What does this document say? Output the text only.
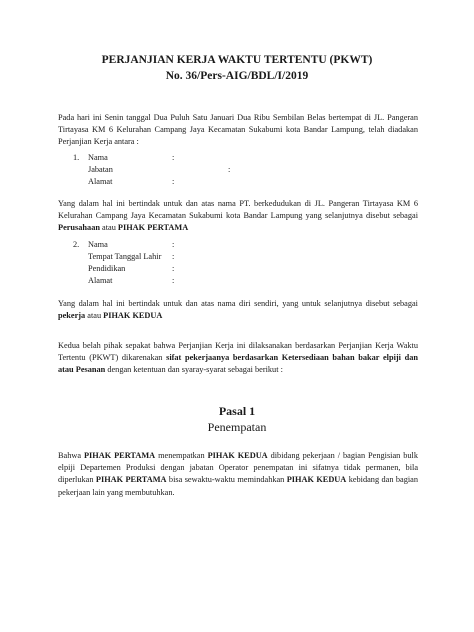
PERJANJIAN KERJA WAKTU TERTENTU (PKWT)
No. 36/Pers-AIG/BDL/I/2019
Pada hari ini Senin tanggal Dua Puluh Satu Januari Dua Ribu Sembilan Belas bertempat di JL. Pangeran Tirtayasa KM 6 Kelurahan Campang Jaya Kecamatan Sukabumi kota Bandar Lampung, telah diadakan Perjanjian Kerja antara :
1. Nama	:
Jabatan	:
Alamat	:
Yang dalam hal ini bertindak untuk dan atas nama PT. berkedudukan di JL. Pangeran Tirtayasa KM 6 Kelurahan Campang Jaya Kecamatan Sukabumi kota Bandar Lampung yang selanjutnya disebut sebagai Perusahaan atau PIHAK PERTAMA
2. Nama	:
Tempat Tanggal Lahir :
Pendidikan	:
Alamat	:
Yang dalam hal ini bertindak untuk dan atas nama diri sendiri, yang untuk selanjutnya disebut sebagai pekerja atau PIHAK KEDUA
Kedua belah pihak sepakat bahwa Perjanjian Kerja ini dilaksanakan berdasarkan Perjanjian Kerja Waktu Tertentu (PKWT) dikarenakan sifat pekerjaanya berdasarkan Ketersediaan bahan bakar elpiji dan atau Pesanan dengan ketentuan dan syaray-syarat sebagai berikut :
Pasal 1
Penempatan
Bahwa PIHAK PERTAMA menempatkan PIHAK KEDUA dibidang pekerjaan / bagian Pengisian bulk elpiji Departemen Produksi dengan jabatan Operator penempatan ini sifatnya tidak permanen, bila diperlukan PIHAK PERTAMA bisa sewaktu-waktu memindahkan PIHAK KEDUA kebidang dan bagian pekerjaan lain yang membutuhkan.
